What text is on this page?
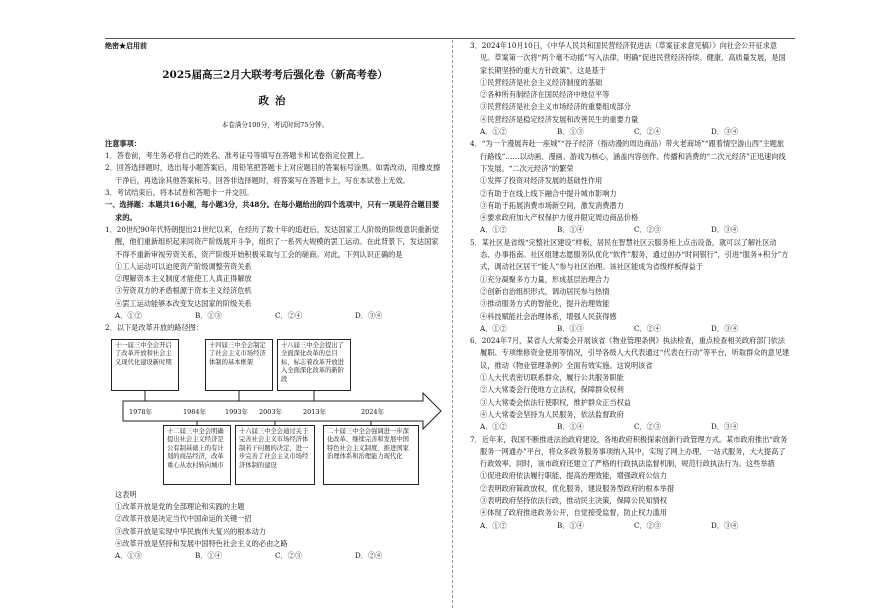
绝密★启用前

2025届高三2月大联考考后强化卷（新高考卷）

政治

本卷满分100分，考试时间75分钟。

注意事项：

1．答卷前，考生务必将自己的姓名、准考证号等填写在答题卡和试卷指定位置上。

2．回答选择题时，选出每小题答案后，用铅笔把答题卡上对应题目的答案标号涂黑。如需改动，用橡皮擦干净后，再选涂其他答案标号。回答非选择题时，将答案写在答题卡上，写在本试卷上无效。

3．考试结束后，将本试卷和答题卡一并交回。

一、选择题：本题共16小题，每小题3分，共48分。在每小题给出的四个选项中，只有一项是符合题目要求的。

1．20世纪90年代特朗提出21世纪以来，在经历了数十年的追赶后，发达国家工人阶级的阶级意识重新觉醒，他们重新组织起来同资产阶级展开斗争，组织了一系列大规模的罢工运动。在此背景下，发达国家不得不重新审视劳资关系，资产阶级开始积极采取与工会的磋商。对此，下列认识正确的是

①工人运动可以迫使资产阶级调整劳资关系

②理解资本主义制度才能使工人真正得解放

③劳资双方的矛盾根源于资本主义经济危机

④罢工运动能够本改变发达国家的阶级关系

A．①②	B．①③	C．②④	D．③④

2．以下是改革开放的路径图：

1978年	1984年	1993年 2003年	2013年	2024年
十一届三中全会开启了改革开放和社会主义现代化建设新时期
十四届三中全会制定了社会主义市场经济体制的基本框架
十八届三中全会提出了全面深化改革的总目标，标志着改革开放进入全面深化改革的新阶段
十二届三中全会明确提出社会主义经济是公有制基础上的有计划的商品经济，改革重心从农村转向城市
十六届三中全会通过关于完善社会主义市场经济体制若干问题的决定，进一步完善了社会主义市场经济体制的建设
二十届三中全会强调进一步深化改革、继续完善和发展中国特色社会主义制度、推进国家治理体系和治理能力现代化

这表明

①改革开放是党的全部理论和实践的主题

②改革开放是决定当代中国命运的关键一招

③改革开放是实现中华民族伟大复兴的根本动力

④改革开放是坚持和发展中国特色社会主义的必由之路

A．①③	B．①④	C．②③	D．②④

3．2024年10月10日，《中华人民共和国民营经济促进法（草案征求意见稿）》向社会公开征求意见。草案第一次将“两个毫不动摇”写入法律，明确“促进民营经济持续、健康、高质量发展，是国家长期坚持的重大方针政策”。这是基于

①民营经济是社会主义经济制度的基础

②各种所有制经济在国民经济中地位平等

③民营经济是社会主义市场经济的重要组成部分

④民营经济是稳定经济发展和改善民生的重要力量

A．①②	B．①③	C．②④	D．③④

4．“为一个漫展奔赴一座城”“谷子经济（指动漫的周边商品）带火老商场”“跟着情空游山西”主题旅行路线”……以动画、漫画、游戏为核心，涵盖内容创作、传播和消费的“二次元经济”正迅速向线下发展。“二次元经济”的繁荣

①发挥了投资对经济发展的基础性作用

②有助于在线上线下融合中提升城市影响力

③有助于拓展消费市场新空间，激发消费潜力

④要求政府加大产权保护力度并限定周边商品价格

A．①②	B．①④	C．②③	D．③④

5．某社区是省级“完整社区建设”样板，居民在智慧社区云服务柜上点击设备，就可以了解社区动态、办事指南。社区组建志愿服务队优化“软件”服务，通过创办“时间银行”，引进“服务+积分”方式，调动社区居干“能人”参与社区治理。该社区能成为省级样板得益于

①充分凝聚多方力量，形成基层治理合力

②创新自治组织形式，调动居民参与热情

③推动服务方式的智能化，提升治理效能

④科技赋能社会治理体系，增强人民获得感

A．①②	B．①③	C．②④	D．③④

6．2024年7月，某省人大常委会开展该省《物业管理条例》执法检查，重点检查相关政府部门依法履职、专项维修资金使用等情况，引导各级人大代表通过“代表在行动”等平台，听取群众的意见建议，推动《物业管理条例》全面有效实施。这说明该省

①人大代表密切联系群众，履行公共服务职能

②人大常委会行使地方立法权，保障群众权利

③人大常委会依法行使职权，维护群众正当权益

④人大常委会坚持为人民服务，依法监督政府

A．①②	B．①④	C．②③	D．③④

7．近年来，我国不断推进法治政府建设，各地政府积极探索创新行政管理方式。某市政府推出“政务服务一网通办”平台，将众多政务服务事项纳入其中，实现了网上办理、一站式服务，大大提高了行政效率。同时，该市政府还建立了严格的行政执法监督机制，规范行政执法行为。这些举措

①促进政府依法履行职能，提高治理效能，增强政府公信力

②表明政府简政放权，优化服务，建设服务型政府的根本举措

③表明政府坚持依法行政，推动民主决策，保障公民知情权

④体现了政府推进政务公开，自觉接受监督，防止权力滥用

A．①②	B．①④	C．②③	D．③④
